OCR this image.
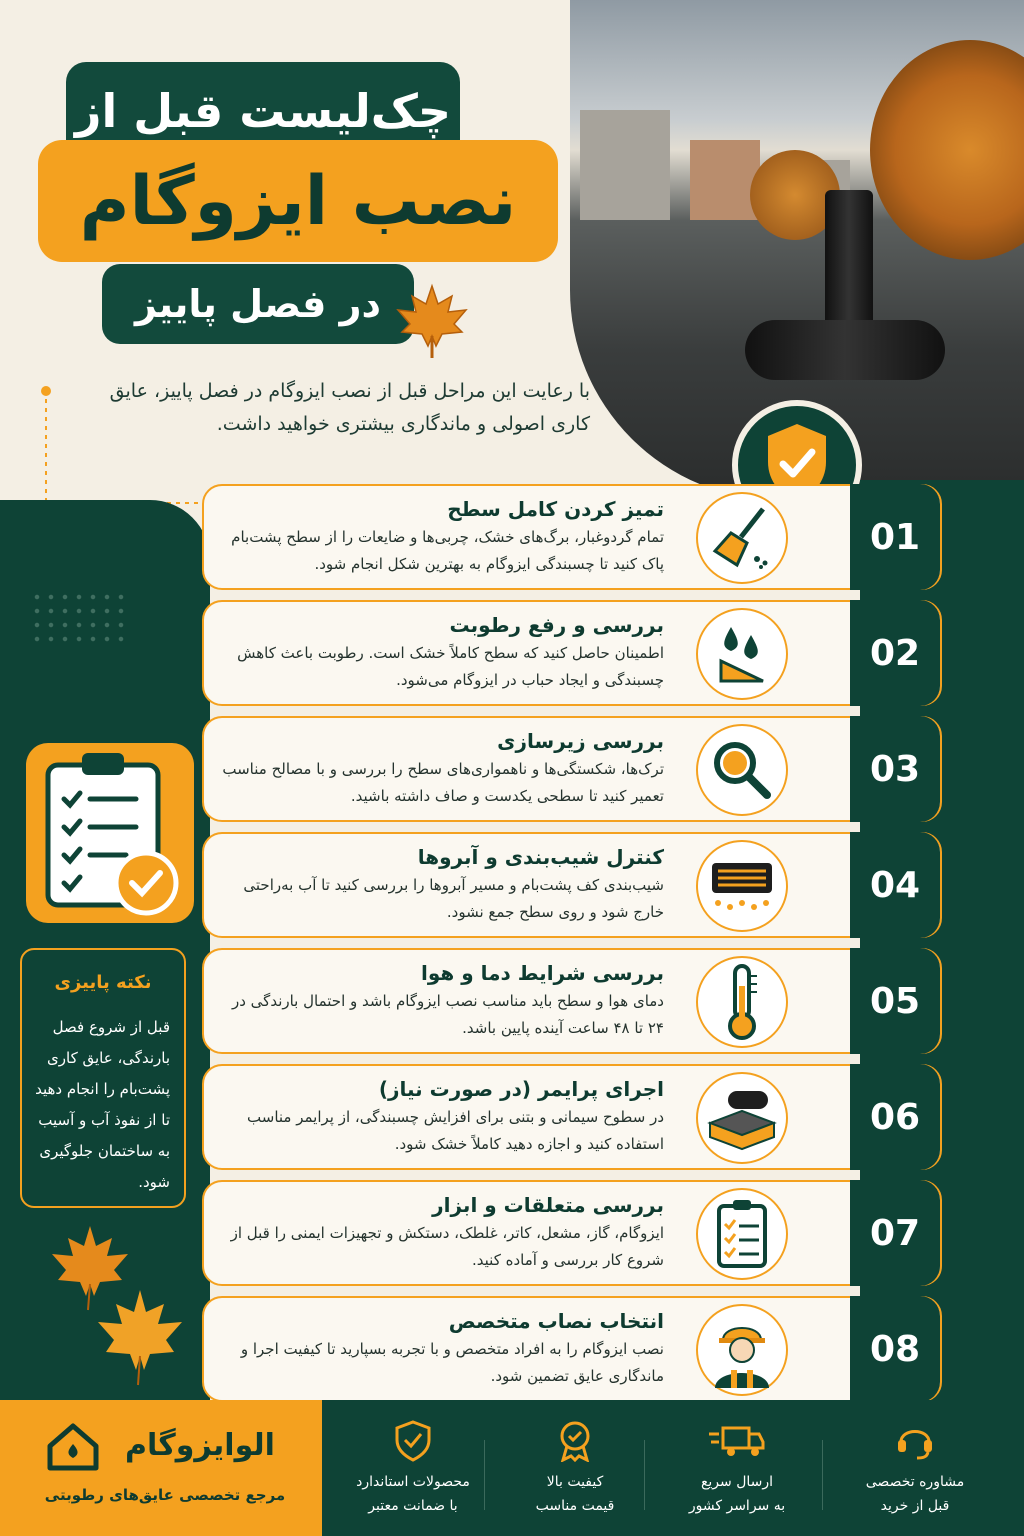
چک‌لیست قبل از
نصب ایزوگام
در فصل پاییز
با رعایت این مراحل قبل از نصب ایزوگام در فصل پاییز، عایق کاری اصولی و ماندگاری بیشتری خواهید داشت.
نکته پاییزی
قبل از شروع فصل بارندگی، عایق کاری پشت‌بام را انجام دهید تا از نفوذ آب و آسیب به ساختمان جلوگیری شود.
تمیز کردن کامل سطح
تمام گردوغبار، برگ‌های خشک، چربی‌ها و ضایعات را از سطح پشت‌بام پاک کنید تا چسبندگی ایزوگام به بهترین شکل انجام شود.
01
بررسی و رفع رطوبت
اطمینان حاصل کنید که سطح کاملاً خشک است. رطوبت باعث کاهش چسبندگی و ایجاد حباب در ایزوگام می‌شود.
02
بررسی زیرسازی
ترک‌ها، شکستگی‌ها و ناهمواری‌های سطح را بررسی و با مصالح مناسب تعمیر کنید تا سطحی یکدست و صاف داشته باشید.
03
کنترل شیب‌بندی و آبروها
شیب‌بندی کف پشت‌بام و مسیر آبروها را بررسی کنید تا آب به‌راحتی خارج شود و روی سطح جمع نشود.
04
بررسی شرایط دما و هوا
دمای هوا و سطح باید مناسب نصب ایزوگام باشد و احتمال بارندگی در ۲۴ تا ۴۸ ساعت آینده پایین باشد.
05
اجرای پرایمر (در صورت نیاز)
در سطوح سیمانی و بتنی برای افزایش چسبندگی، از پرایمر مناسب استفاده کنید و اجازه دهید کاملاً خشک شود.
06
بررسی متعلقات و ابزار
ایزوگام، گاز، مشعل، کاتر، غلطک، دستکش و تجهیزات ایمنی را قبل از شروع کار بررسی و آماده کنید.
07
انتخاب نصاب متخصص
نصب ایزوگام را به افراد متخصص و با تجربه بسپارید تا کیفیت اجرا و ماندگاری عایق تضمین شود.
08
الوایزوگام
مرجع تخصصی عایق‌های رطوبتی
مشاوره تخصصی
قبل از خرید
ارسال سریع
به سراسر کشور
کیفیت بالا
قیمت مناسب
محصولات استاندارد
با ضمانت معتبر
